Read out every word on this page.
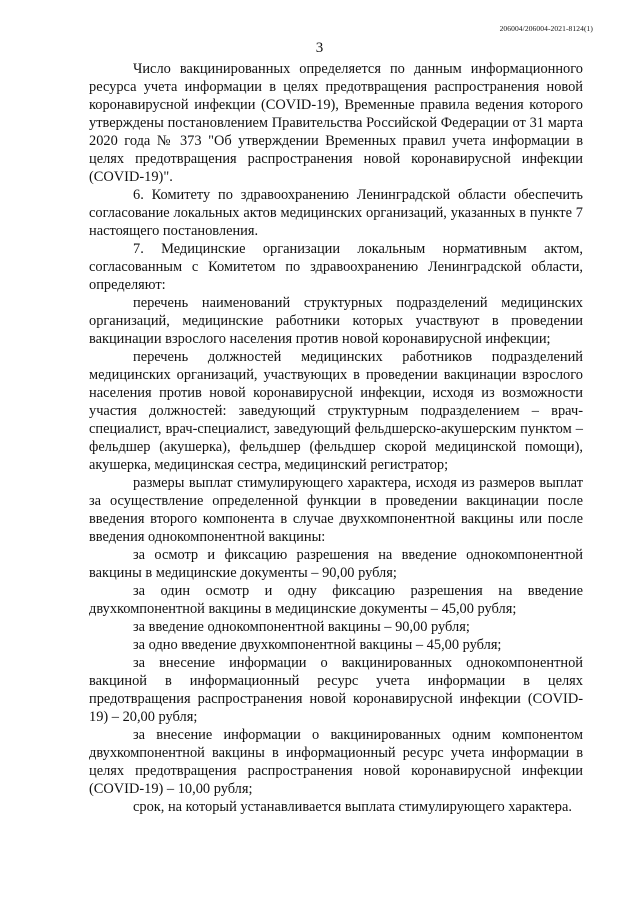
206004/206004-2021-8124(1)
3

Число вакцинированных определяется по данным информационного ресурса учета информации в целях предотвращения распространения новой коронавирусной инфекции (COVID-19), Временные правила ведения которого утверждены постановлением Правительства Российской Федерации от 31 марта 2020 года № 373 "Об утверждении Временных правил учета информации в целях предотвращения распространения новой коронавирусной инфекции (COVID-19)".

6. Комитету по здравоохранению Ленинградской области обеспечить согласование локальных актов медицинских организаций, указанных в пункте 7 настоящего постановления.

7. Медицинские организации локальным нормативным актом, согласованным с Комитетом по здравоохранению Ленинградской области, определяют:

перечень наименований структурных подразделений медицинских организаций, медицинские работники которых участвуют в проведении вакцинации взрослого населения против новой коронавирусной инфекции;

перечень должностей медицинских работников подразделений медицинских организаций, участвующих в проведении вакцинации взрослого населения против новой коронавирусной инфекции, исходя из возможности участия должностей: заведующий структурным подразделением – врач-специалист, врач-специалист, заведующий фельдшерско-акушерским пунктом – фельдшер (акушерка), фельдшер (фельдшер скорой медицинской помощи), акушерка, медицинская сестра, медицинский регистратор;

размеры выплат стимулирующего характера, исходя из размеров выплат за осуществление определенной функции в проведении вакцинации после введения второго компонента в случае двухкомпонентной вакцины или после введения однокомпонентной вакцины:

за осмотр и фиксацию разрешения на введение однокомпонентной вакцины в медицинские документы – 90,00 рубля;

за один осмотр и одну фиксацию разрешения на введение двухкомпонентной вакцины в медицинские документы – 45,00 рубля;

за введение однокомпонентной вакцины – 90,00 рубля;

за одно введение двухкомпонентной вакцины – 45,00 рубля;

за внесение информации о вакцинированных однокомпонентной вакциной в информационный ресурс учета информации в целях предотвращения распространения новой коронавирусной инфекции (COVID-19) – 20,00 рубля;

за внесение информации о вакцинированных одним компонентом двухкомпонентной вакцины в информационный ресурс учета информации в целях предотвращения распространения новой коронавирусной инфекции (COVID-19) – 10,00 рубля;

срок, на который устанавливается выплата стимулирующего характера.
